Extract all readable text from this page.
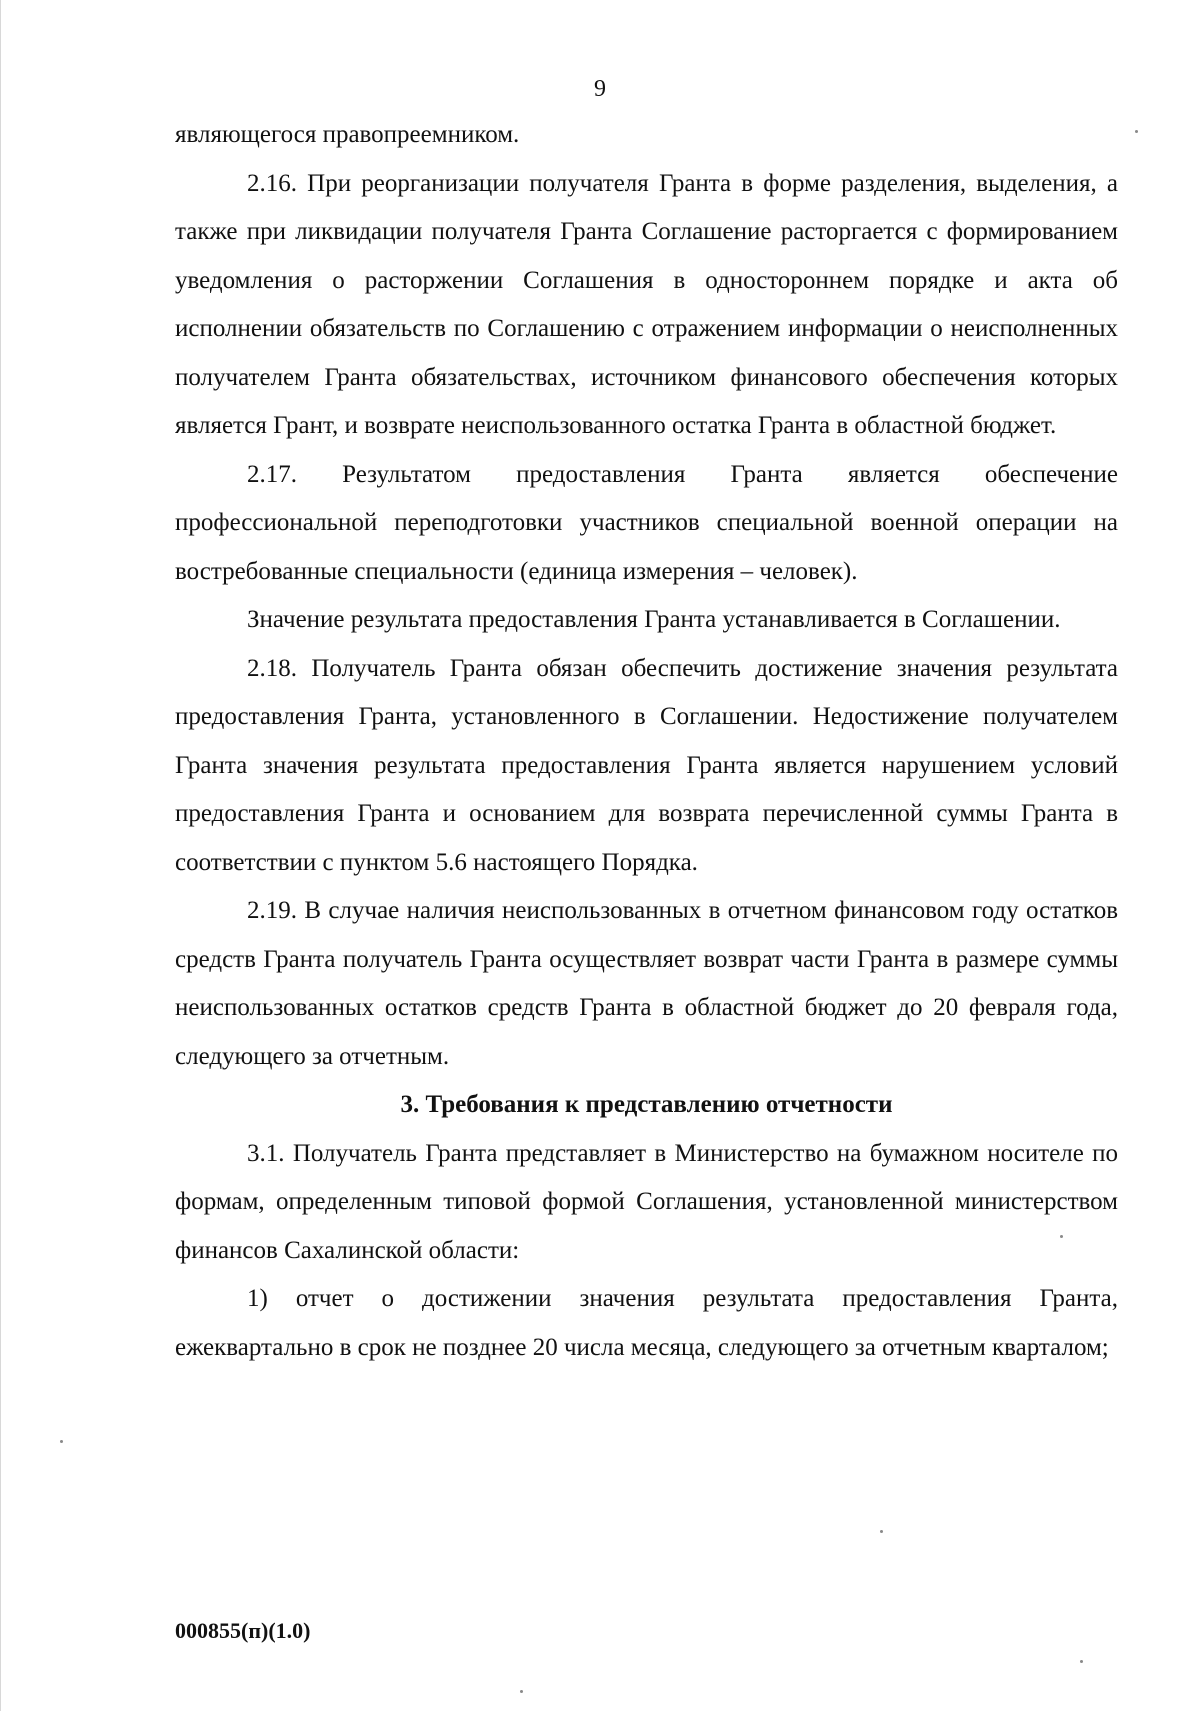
9

являющегося правопреемником.

2.16. При реорганизации получателя Гранта в форме разделения, выделения, а также при ликвидации получателя Гранта Соглашение расторгается с формированием уведомления о расторжении Соглашения в одностороннем порядке и акта об исполнении обязательств по Соглашению с отражением информации о неисполненных получателем Гранта обязательствах, источником финансового обеспечения которых является Грант, и возврате неиспользованного остатка Гранта в областной бюджет.

2.17. Результатом предоставления Гранта является обеспечение профессиональной переподготовки участников специальной военной операции на востребованные специальности (единица измерения – человек).

Значение результата предоставления Гранта устанавливается в Соглашении.

2.18. Получатель Гранта обязан обеспечить достижение значения результата предоставления Гранта, установленного в Соглашении. Недостижение получателем Гранта значения результата предоставления Гранта является нарушением условий предоставления Гранта и основанием для возврата перечисленной суммы Гранта в соответствии с пунктом 5.6 настоящего Порядка.

2.19. В случае наличия неиспользованных в отчетном финансовом году остатков средств Гранта получатель Гранта осуществляет возврат части Гранта в размере суммы неиспользованных остатков средств Гранта в областной бюджет до 20 февраля года, следующего за отчетным.

3. Требования к представлению отчетности

3.1. Получатель Гранта представляет в Министерство на бумажном носителе по формам, определенным типовой формой Соглашения, установленной министерством финансов Сахалинской области:

1) отчет о достижении значения результата предоставления Гранта, ежеквартально в срок не позднее 20 числа месяца, следующего за отчетным кварталом;

000855(п)(1.0)
